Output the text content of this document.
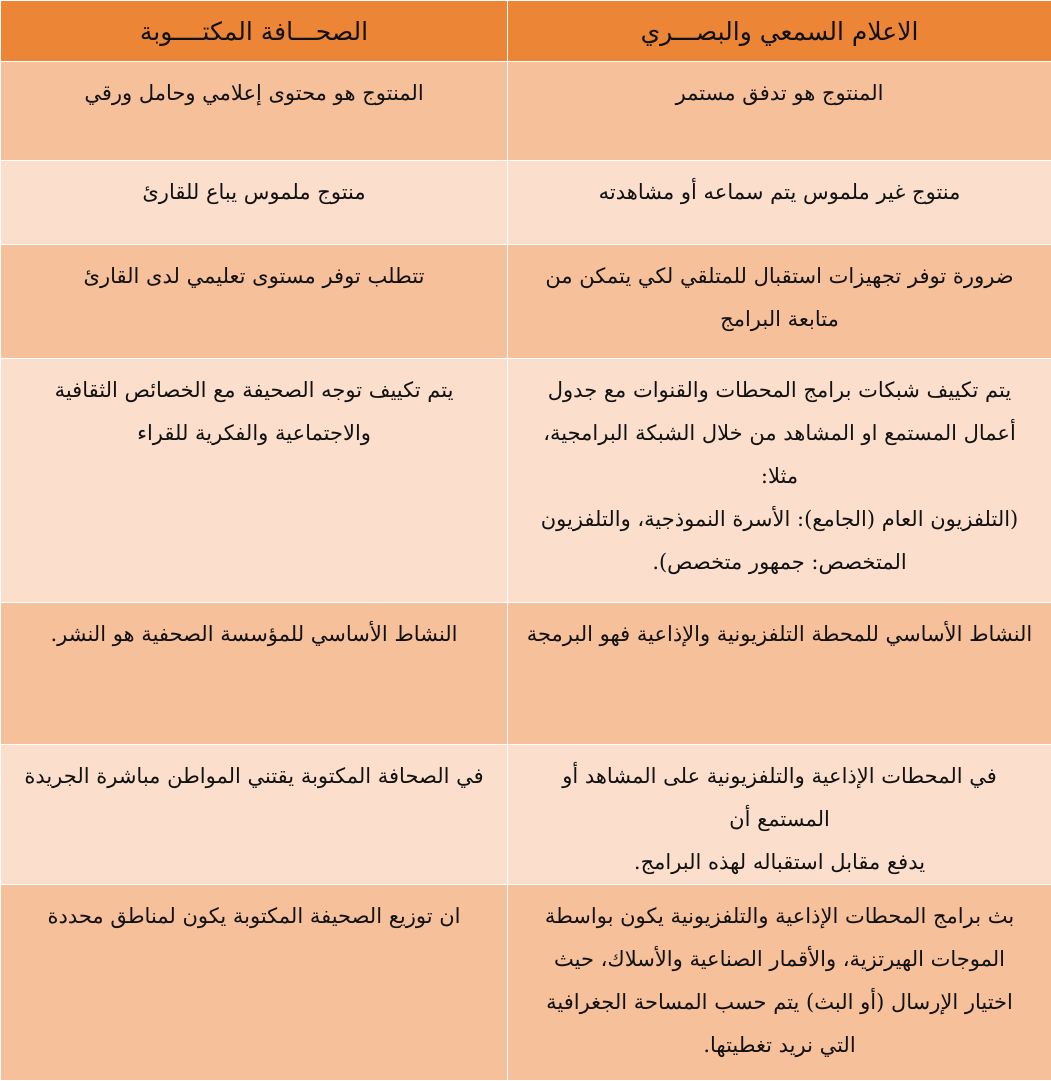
الاعلام السمعي والبصـــري	الصحـــافة المكتــــوبة

المنتوج هو تدفق مستمر	المنتوج هو محتوى إعلامي وحامل ورقي

منتوج غير ملموس يتم سماعه أو مشاهدته	منتوج ملموس يباع للقارئ

ضرورة توفر تجهيزات استقبال للمتلقي لكي يتمكن من
متابعة البرامج	تتطلب توفر مستوى تعليمي لدى القارئ

يتم تكييف شبكات برامج المحطات والقنوات مع جدول
أعمال المستمع او المشاهد من خلال الشبكة البرامجية،
مثلا:
(التلفزيون العام (الجامع): الأسرة النموذجية، والتلفزيون
المتخصص: جمهور متخصص).	يتم تكييف توجه الصحيفة مع الخصائص الثقافية
والاجتماعية والفكرية للقراء

النشاط الأساسي للمحطة التلفزيونية والإذاعية فهو البرمجة	النشاط الأساسي للمؤسسة الصحفية هو النشر.

في المحطات الإذاعية والتلفزيونية على المشاهد أو المستمع أن
يدفع مقابل استقباله لهذه البرامج.	في الصحافة المكتوبة يقتني المواطن مباشرة الجريدة

بث برامج المحطات الإذاعية والتلفزيونية يكون بواسطة
الموجات الهيرتزية، والأقمار الصناعية والأسلاك، حيث
اختيار الإرسال (أو البث) يتم حسب المساحة الجغرافية
التي نريد تغطيتها.	ان توزيع الصحيفة المكتوبة يكون لمناطق محددة
